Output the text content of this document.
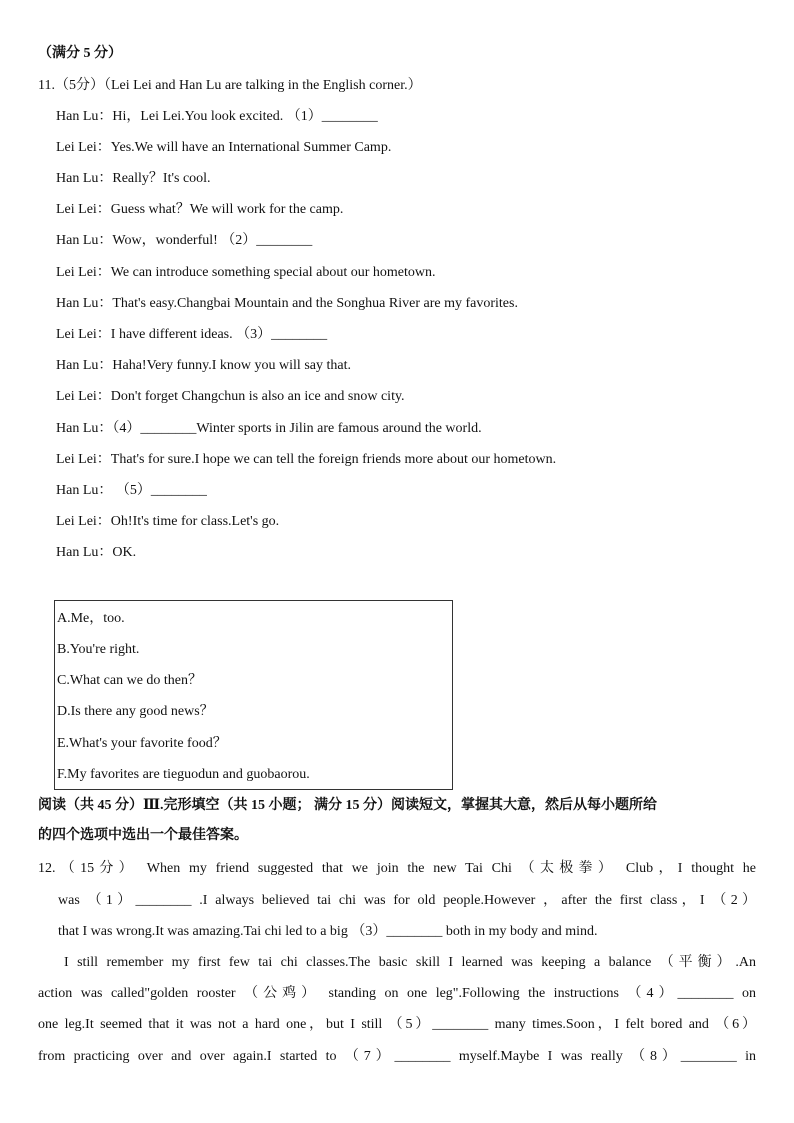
（满分 5 分）
11.（5分）（Lei Lei and Han Lu are talking in the English corner.）
Han Lu：Hi，Lei Lei.You look excited. （1）________
Lei Lei：Yes.We will have an International Summer Camp.
Han Lu：Really？It's cool.
Lei Lei：Guess what？We will work for the camp.
Han Lu：Wow，wonderful! （2）________
Lei Lei：We can introduce something special about our hometown.
Han Lu：That's easy.Changbai Mountain and the Songhua River are my favorites.
Lei Lei：I have different ideas. （3）________
Han Lu：Haha!Very funny.I know you will say that.
Lei Lei：Don't forget Changchun is also an ice and snow city.
Han Lu：（4）________Winter sports in Jilin are famous around the world.
Lei Lei：That's for sure.I hope we can tell the foreign friends more about our hometown.
Han Lu： （5）________
Lei Lei：Oh!It's time for class.Let's go.
Han Lu：OK.
A.Me，too.
B.You're right.
C.What can we do then？
D.Is there any good news？
E.What's your favorite food？
F.My favorites are tieguodun and guobaorou.
阅读（共 45 分）Ⅲ.完形填空（共 15 小题； 满分 15 分）阅读短文，掌握其大意，然后从每小题所给
的四个选项中选出一个最佳答案。
12.（15分） When my friend suggested that we join the new Tai Chi （太极拳） Club，I thought he
was （1）________ .I always believed tai chi was for old people.However ，after the first class，I （2）
that I was wrong.It was amazing.Tai chi led to a big （3）________ both in my body and mind.
I still remember my first few tai chi classes.The basic skill I learned was keeping a balance （平衡）.An
action was called"golden rooster （公鸡） standing on one leg".Following the instructions （4）________ on
one leg.It seemed that it was not a hard one，but I still （5）________ many times.Soon，I felt bored and （6）
from practicing over and over again.I started to （7）________ myself.Maybe I was really （8）________ in
